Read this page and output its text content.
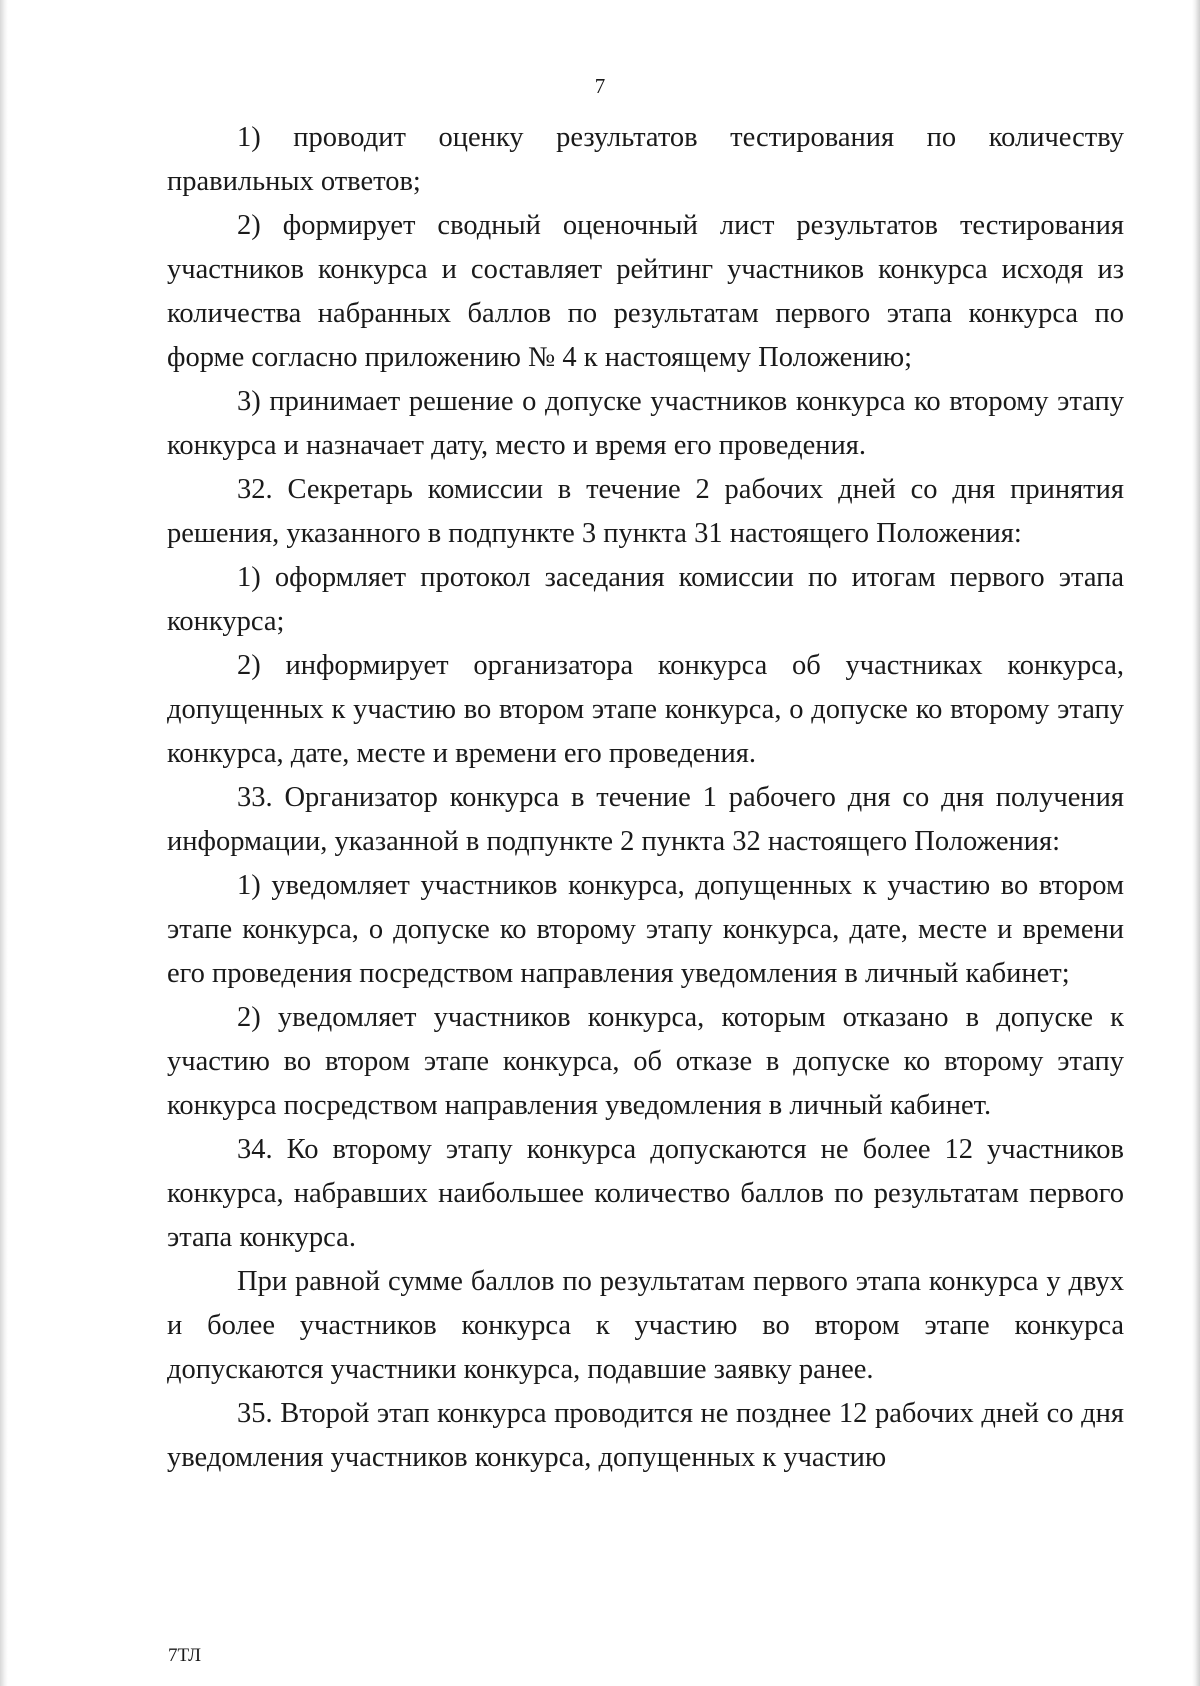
7

1) проводит оценку результатов тестирования по количеству правильных ответов;

2) формирует сводный оценочный лист результатов тестирования участников конкурса и составляет рейтинг участников конкурса исходя из количества набранных баллов по результатам первого этапа конкурса по форме согласно приложению № 4 к настоящему Положению;

3) принимает решение о допуске участников конкурса ко второму этапу конкурса и назначает дату, место и время его проведения.

32. Секретарь комиссии в течение 2 рабочих дней со дня принятия решения, указанного в подпункте 3 пункта 31 настоящего Положения:

1) оформляет протокол заседания комиссии по итогам первого этапа конкурса;

2) информирует организатора конкурса об участниках конкурса, допущенных к участию во втором этапе конкурса, о допуске ко второму этапу конкурса, дате, месте и времени его проведения.

33. Организатор конкурса в течение 1 рабочего дня со дня получения информации, указанной в подпункте 2 пункта 32 настоящего Положения:

1) уведомляет участников конкурса, допущенных к участию во втором этапе конкурса, о допуске ко второму этапу конкурса, дате, месте и времени его проведения посредством направления уведомления в личный кабинет;

2) уведомляет участников конкурса, которым отказано в допуске к участию во втором этапе конкурса, об отказе в допуске ко второму этапу конкурса посредством направления уведомления в личный кабинет.

34. Ко второму этапу конкурса допускаются не более 12 участников конкурса, набравших наибольшее количество баллов по результатам первого этапа конкурса.

При равной сумме баллов по результатам первого этапа конкурса у двух и более участников конкурса к участию во втором этапе конкурса допускаются участники конкурса, подавшие заявку ранее.

35. Второй этап конкурса проводится не позднее 12 рабочих дней со дня уведомления участников конкурса, допущенных к участию

7ТЛ
